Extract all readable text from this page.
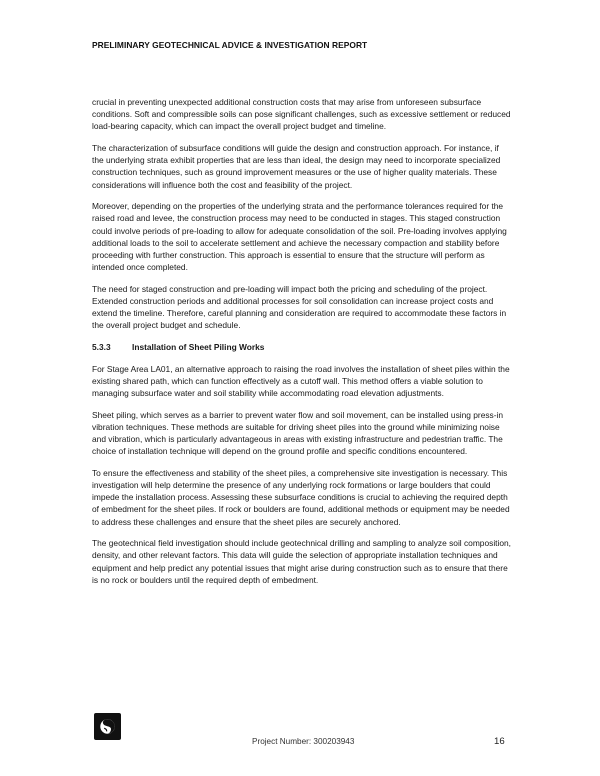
PRELIMINARY GEOTECHNICAL ADVICE & INVESTIGATION REPORT

crucial in preventing unexpected additional construction costs that may arise from unforeseen subsurface conditions. Soft and compressible soils can pose significant challenges, such as excessive settlement or reduced load-bearing capacity, which can impact the overall project budget and timeline.

The characterization of subsurface conditions will guide the design and construction approach. For instance, if the underlying strata exhibit properties that are less than ideal, the design may need to incorporate specialized construction techniques, such as ground improvement measures or the use of higher quality materials. These considerations will influence both the cost and feasibility of the project.

Moreover, depending on the properties of the underlying strata and the performance tolerances required for the raised road and levee, the construction process may need to be conducted in stages. This staged construction could involve periods of pre-loading to allow for adequate consolidation of the soil. Pre-loading involves applying additional loads to the soil to accelerate settlement and achieve the necessary compaction and stability before proceeding with further construction. This approach is essential to ensure that the structure will perform as intended once completed.

The need for staged construction and pre-loading will impact both the pricing and scheduling of the project. Extended construction periods and additional processes for soil consolidation can increase project costs and extend the timeline. Therefore, careful planning and consideration are required to accommodate these factors in the overall project budget and schedule.

5.3.3	Installation of Sheet Piling Works

For Stage Area LA01, an alternative approach to raising the road involves the installation of sheet piles within the existing shared path, which can function effectively as a cutoff wall. This method offers a viable solution to managing subsurface water and soil stability while accommodating road elevation adjustments.

Sheet piling, which serves as a barrier to prevent water flow and soil movement, can be installed using press-in vibration techniques. These methods are suitable for driving sheet piles into the ground while minimizing noise and vibration, which is particularly advantageous in areas with existing infrastructure and pedestrian traffic. The choice of installation technique will depend on the ground profile and specific conditions encountered.

To ensure the effectiveness and stability of the sheet piles, a comprehensive site investigation is necessary. This investigation will help determine the presence of any underlying rock formations or large boulders that could impede the installation process. Assessing these subsurface conditions is crucial to achieving the required depth of embedment for the sheet piles. If rock or boulders are found, additional methods or equipment may be needed to address these challenges and ensure that the sheet piles are securely anchored.

The geotechnical field investigation should include geotechnical drilling and sampling to analyze soil composition, density, and other relevant factors. This data will guide the selection of appropriate installation techniques and equipment and help predict any potential issues that might arise during construction such as to ensure that there is no rock or boulders until the required depth of embedment.

Project Number: 300203943	16
